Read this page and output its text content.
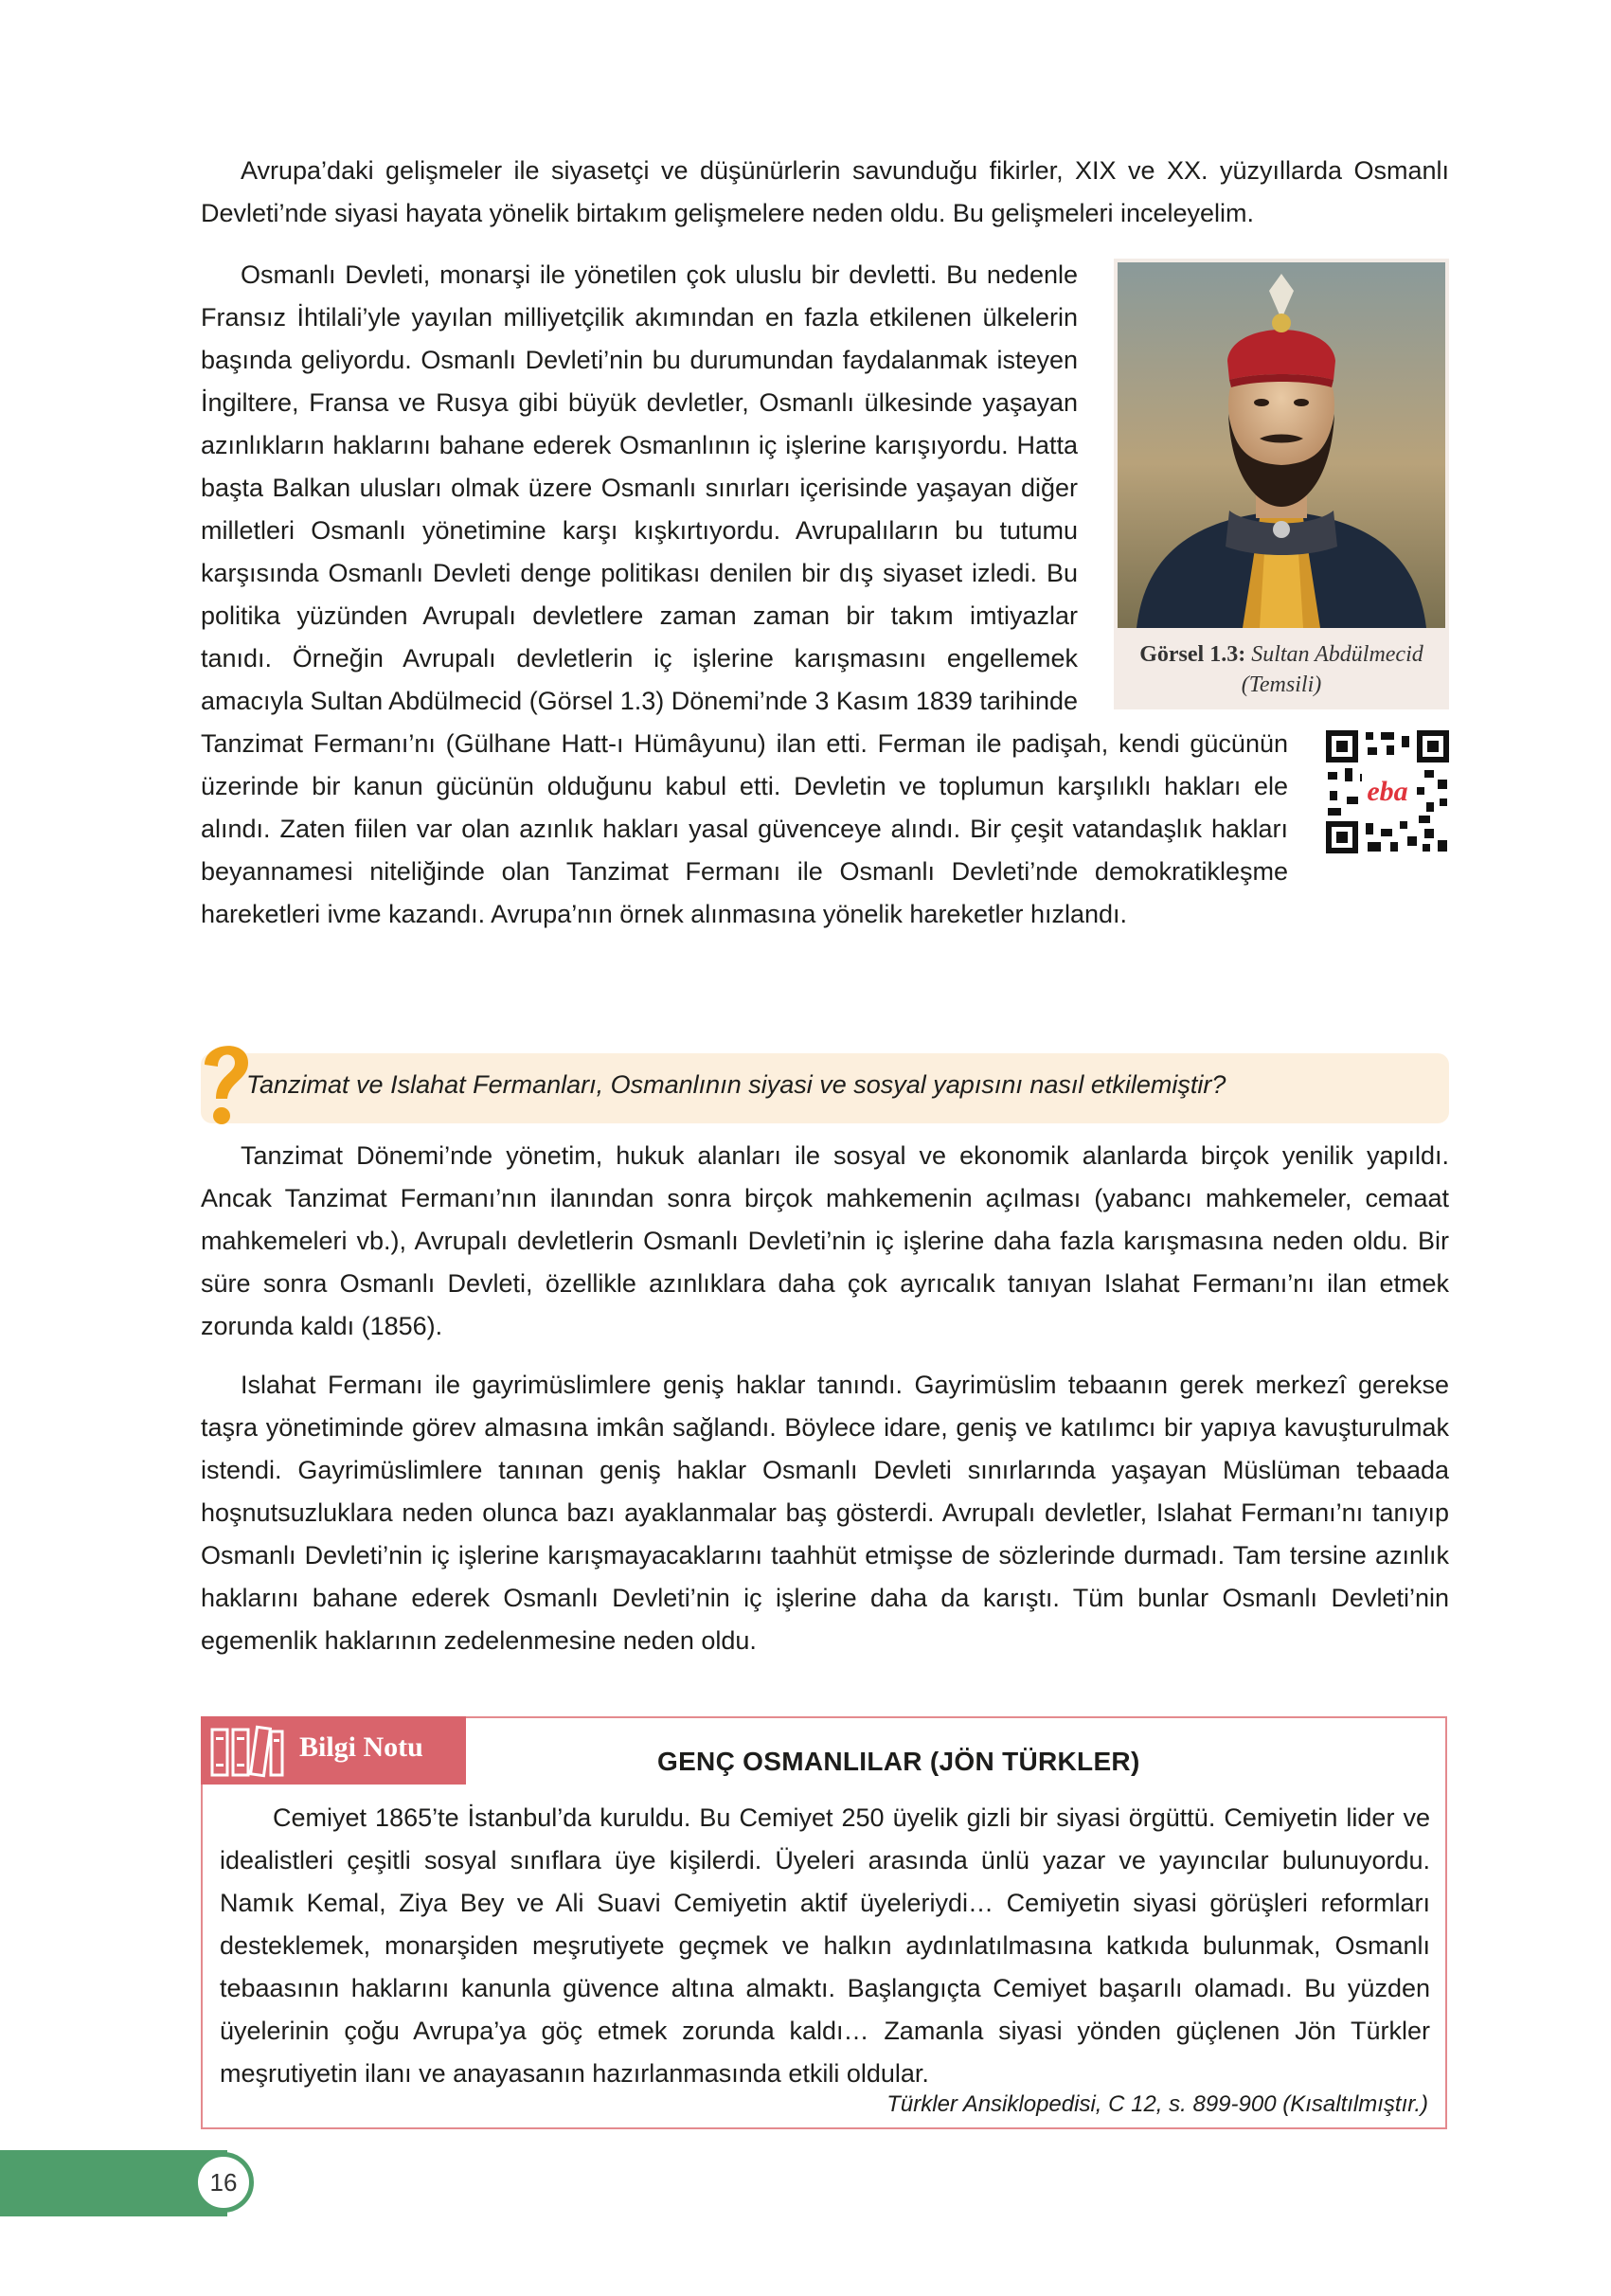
Avrupa’daki gelişmeler ile siyasetçi ve düşünürlerin savunduğu fikirler, XIX ve XX. yüzyıllarda Osmanlı Devleti’nde siyasi hayata yönelik birtakım gelişmelere neden oldu. Bu gelişmeleri inceleyelim.

Görsel 1.3: Sultan Abdülmecid
(Temsili)
eba

Osmanlı Devleti, monarşi ile yönetilen çok uluslu bir devletti. Bu nedenle Fransız İhtilali’yle yayılan milliyetçilik akımından en fazla etkilenen ülkelerin başında geliyordu. Osmanlı Devleti’nin bu durumundan faydalanmak isteyen İngiltere, Fransa ve Rusya gibi büyük devletler, Osmanlı ülkesinde yaşayan azınlıkların haklarını bahane ederek Osmanlının iç işlerine karışıyordu. Hatta başta Balkan ulusları olmak üzere Osmanlı sınırları içerisinde yaşayan diğer milletleri Osmanlı yönetimine karşı kışkırtıyordu. Avrupalıların bu tutumu karşısında Osmanlı Devleti denge politikası denilen bir dış siyaset izledi. Bu politika yüzünden Avrupalı devletlere zaman zaman bir takım imtiyazlar tanıdı. Örneğin Avrupalı devletlerin iç işlerine karışmasını engellemek amacıyla Sultan Abdülmecid (Görsel 1.3) Dönemi’nde 3 Kasım 1839 tarihinde Tanzimat Fermanı’nı (Gülhane Hatt-ı Hümâyunu) ilan etti. Ferman ile padişah, kendi gücünün üzerinde bir kanun gücünün olduğunu kabul etti. Devletin ve toplumun karşılıklı hakları ele alındı. Zaten fiilen var olan azınlık hakları yasal güvenceye alındı. Bir çeşit vatandaşlık hakları beyannamesi niteliğinde olan Tanzimat Fermanı ile Osmanlı Devleti’nde demokratikleşme hareketleri ivme kazandı. Avrupa’nın örnek alınmasına yönelik hareketler hızlandı.

Tanzimat ve Islahat Fermanları, Osmanlının siyasi ve sosyal yapısını nasıl etkilemiştir?

Tanzimat Dönemi’nde yönetim, hukuk alanları ile sosyal ve ekonomik alanlarda birçok yenilik yapıldı. Ancak Tanzimat Fermanı’nın ilanından sonra birçok mahkemenin açılması (yabancı mahkemeler, cemaat mahkemeleri vb.), Avrupalı devletlerin Osmanlı Devleti’nin iç işlerine daha fazla karışmasına neden oldu. Bir süre sonra Osmanlı Devleti, özellikle azınlıklara daha çok ayrıcalık tanıyan Islahat Fermanı’nı ilan etmek zorunda kaldı (1856).

Islahat Fermanı ile gayrimüslimlere geniş haklar tanındı. Gayrimüslim tebaanın gerek merkezî gerekse taşra yönetiminde görev almasına imkân sağlandı. Böylece idare, geniş ve katılımcı bir yapıya kavuşturulmak istendi. Gayrimüslimlere tanınan geniş haklar Osmanlı Devleti sınırlarında yaşayan Müslüman tebaada hoşnutsuzluklara neden olunca bazı ayaklanmalar baş gösterdi. Avrupalı devletler, Islahat Fermanı’nı tanıyıp Osmanlı Devleti’nin iç işlerine karışmayacaklarını taahhüt etmişse de sözlerinde durmadı. Tam tersine azınlık haklarını bahane ederek Osmanlı Devleti’nin iç işlerine daha da karıştı. Tüm bunlar Osmanlı Devleti’nin egemenlik haklarının zedelenmesine neden oldu.

Bilgi Notu	GENÇ OSMANLILAR (JÖN TÜRKLER)

Cemiyet 1865’te İstanbul’da kuruldu. Bu Cemiyet 250 üyelik gizli bir siyasi örgüttü. Cemiyetin lider ve idealistleri çeşitli sosyal sınıflara üye kişilerdi. Üyeleri arasında ünlü yazar ve yayıncılar bulunuyordu. Namık Kemal, Ziya Bey ve Ali Suavi Cemiyetin aktif üyeleriydi… Cemiyetin siyasi görüşleri reformları desteklemek, monarşiden meşrutiyete geçmek ve halkın aydınlatılmasına katkıda bulunmak, Osmanlı tebaasının haklarını kanunla güvence altına almaktı. Başlangıçta Cemiyet başarılı olamadı. Bu yüzden üyelerinin çoğu Avrupa’ya göç etmek zorunda kaldı… Zamanla siyasi yönden güçlenen Jön Türkler meşrutiyetin ilanı ve anayasanın hazırlanmasında etkili oldular.

Türkler Ansiklopedisi, C 12, s. 899-900 (Kısaltılmıştır.)
16
